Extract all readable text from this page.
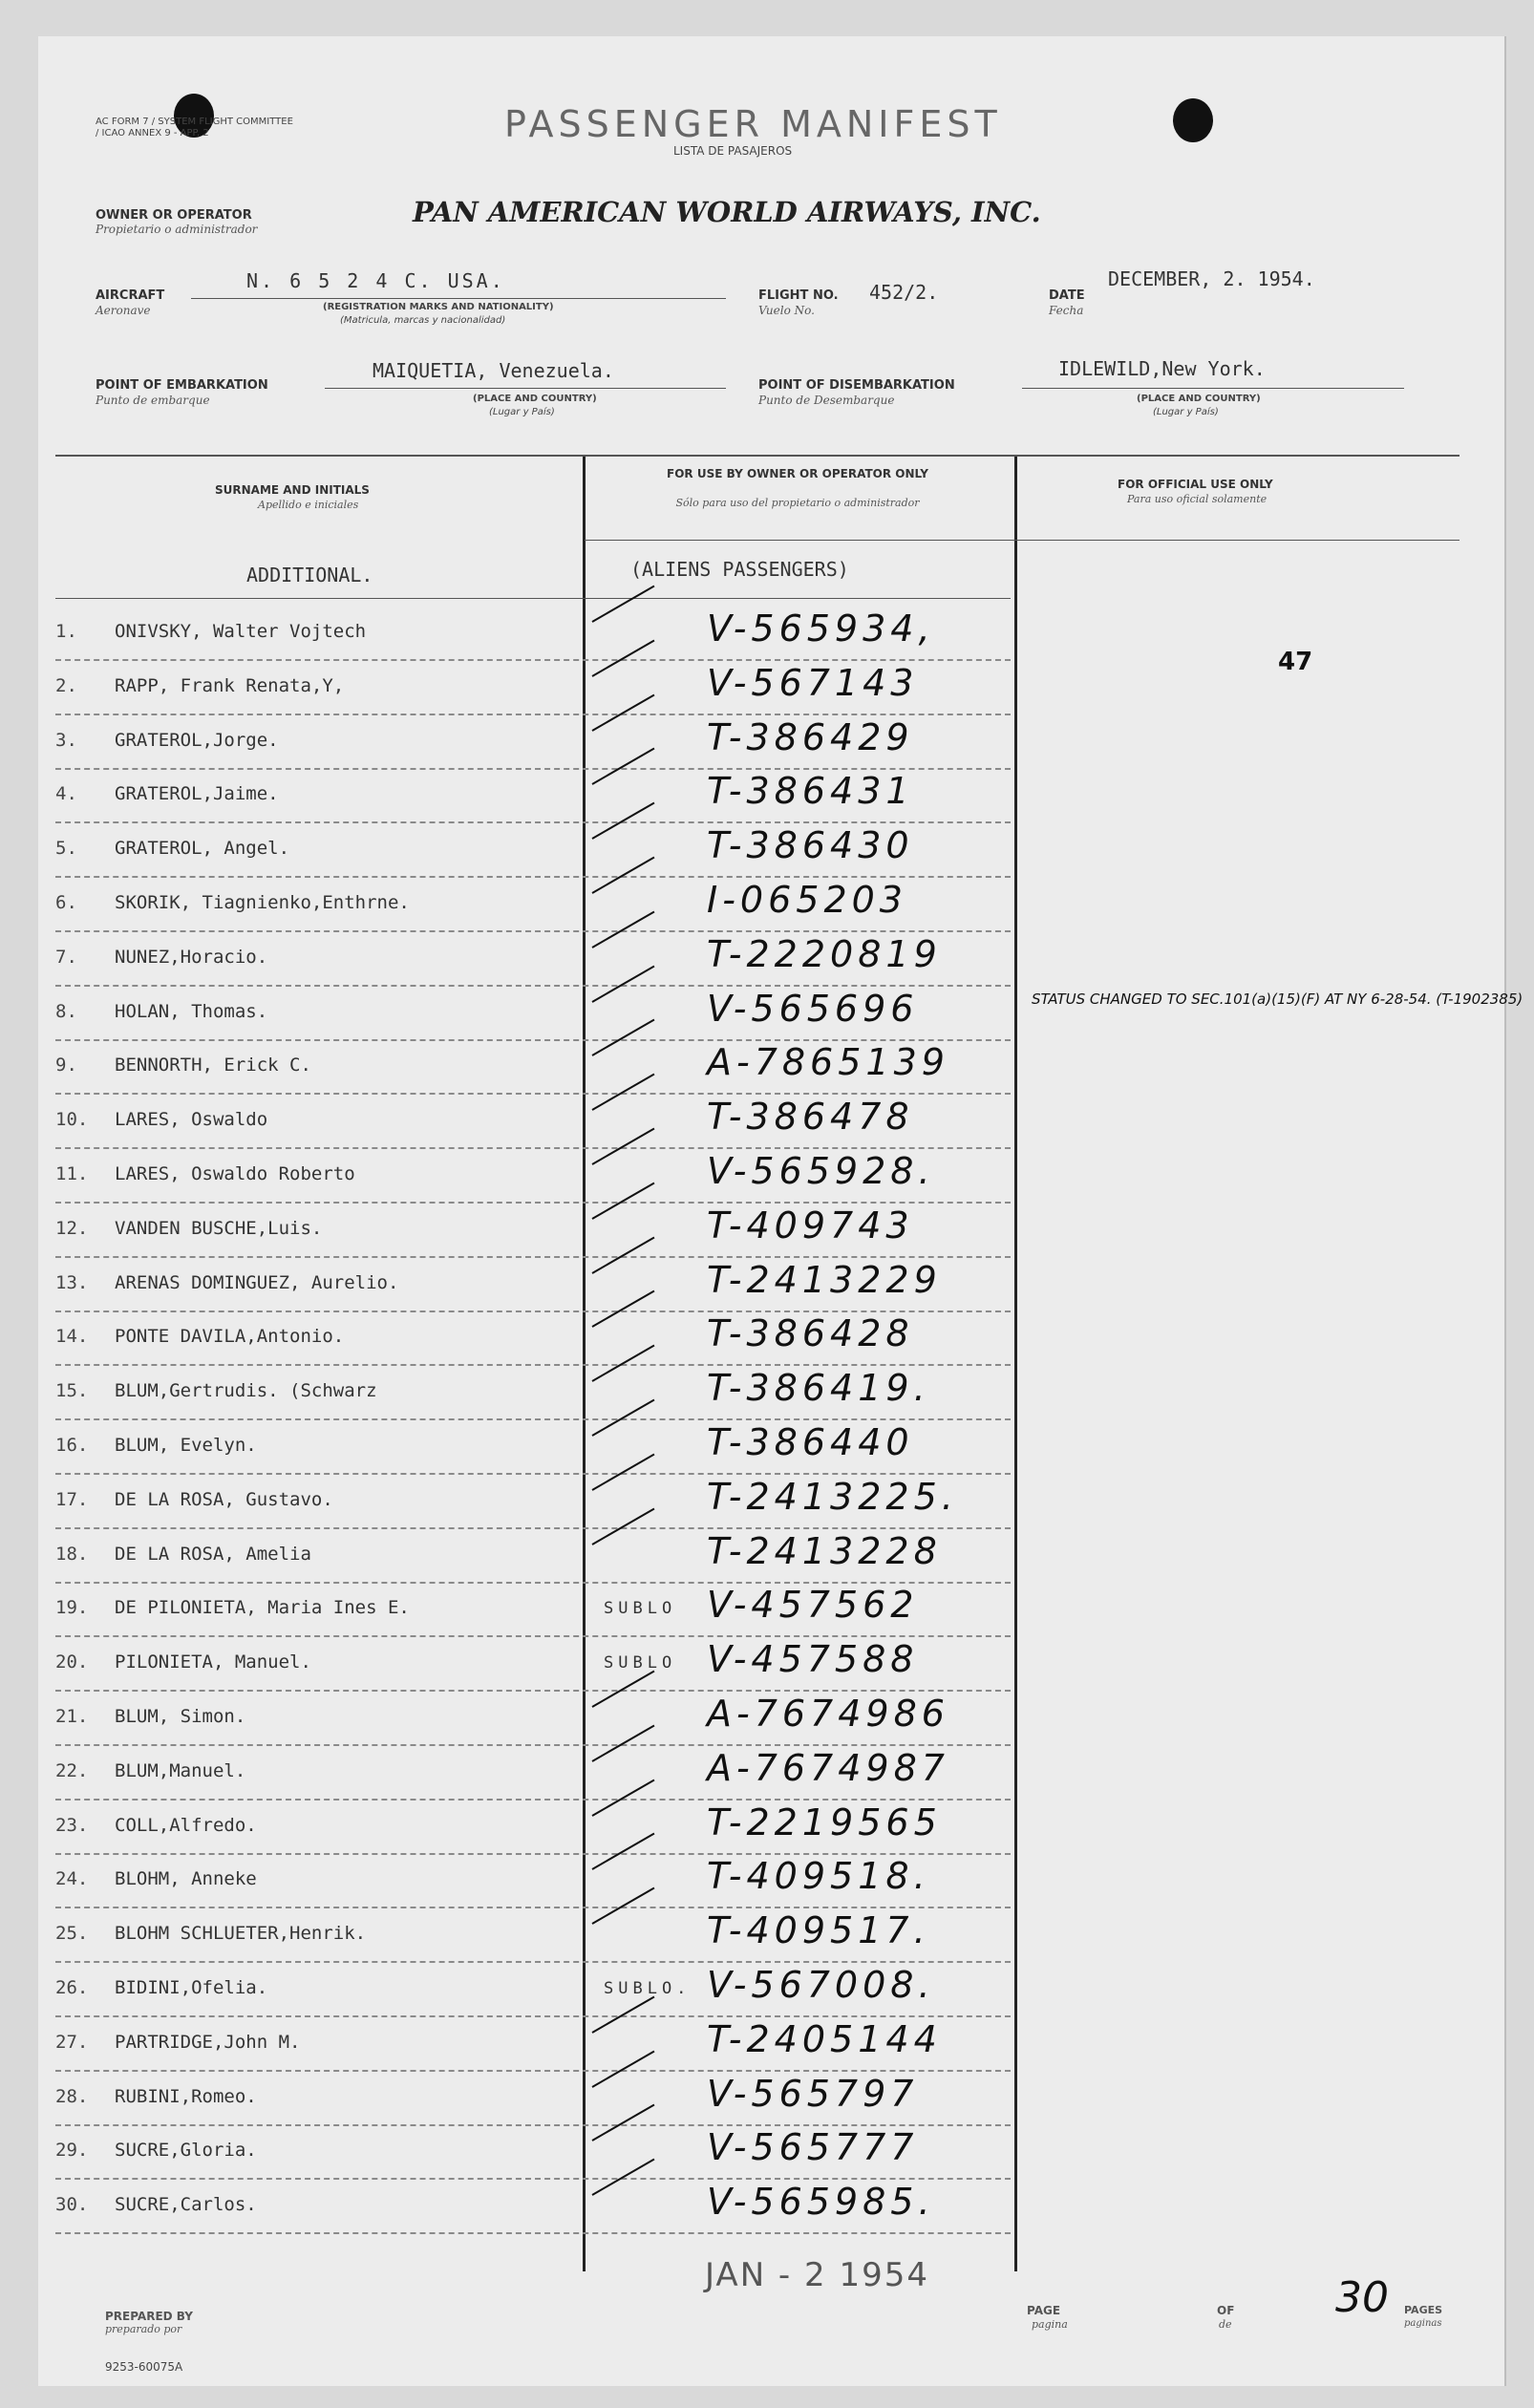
AC FORM 7 / SYSTEM FLIGHT COMMITTEE / ICAO ANNEX 9 - APP. 2	PASSENGER MANIFEST
LISTA DE PASAJEROS
PAN AMERICAN WORLD AIRWAYS, INC.
OWNER OR OPERATOR
Propietario o administrador
AIRCRAFT
Aeronave
N. 6 5 2 4 C. USA.
(REGISTRATION MARKS AND NATIONALITY)
(Matricula, marcas y nacionalidad)
FLIGHT NO.
Vuelo No.
452/2.	DATE
Fecha
DECEMBER, 2. 1954.
POINT OF EMBARKATION
Punto de embarque
MAIQUETIA, Venezuela.
(PLACE AND COUNTRY)
(Lugar y País)
POINT OF DISEMBARKATION
Punto de Desembarque
IDLEWILD,New York.
(PLACE AND COUNTRY)
(Lugar y País)
SURNAME AND INITIALS
Apellido e iniciales
FOR USE BY OWNER OR OPERATOR ONLY
Sólo para uso del propietario o administrador
FOR OFFICIAL USE ONLY
Para uso oficial solamente
ADDITIONAL.	(ALIENS PASSENGERS)
47
1. ONIVSKY, Walter Vojtech	V-565934,
2. RAPP, Frank Renata,Y,	V-567143
3. GRATEROL,Jorge.	T-386429
4. GRATEROL,Jaime.	T-386431
5. GRATEROL, Angel.	T-386430
6. SKORIK, Tiagnienko,Enthrne.	I-065203
7. NUNEZ,Horacio.	T-2220819
8. HOLAN, Thomas.	V-565696	STATUS CHANGED TO SEC.101(a)(15)(F) AT NY 6-28-54. (T-1902385)
9. BENNORTH, Erick C.	A-7865139
10. LARES, Oswaldo	T-386478
11. LARES, Oswaldo Roberto	V-565928.
12. VANDEN BUSCHE,Luis.	T-409743
13. ARENAS DOMINGUEZ, Aurelio.	T-2413229
14. PONTE DAVILA,Antonio.	T-386428
15. BLUM,Gertrudis. (Schwarz	T-386419.
16. BLUM, Evelyn.	T-386440
17. DE LA ROSA, Gustavo.	T-2413225.
18. DE LA ROSA, Amelia	T-2413228
19. DE PILONIETA, Maria Ines E.	SUBLO V-457562
20. PILONIETA, Manuel.	SUBLO V-457588
21. BLUM, Simon.	A-7674986
22. BLUM,Manuel.	A-7674987
23. COLL,Alfredo.	T-2219565
24. BLOHM, Anneke	T-409518.
25. BLOHM SCHLUETER,Henrik.	T-409517.
26. BIDINI,Ofelia.	SUBLO. V-567008.
27. PARTRIDGE,John M.	T-2405144
28. RUBINI,Romeo.	V-565797
29. SUCRE,Gloria.	V-565777
30. SUCRE,Carlos.	V-565985.
JAN - 2 1954
PREPARED BY
preparado por
PAGE
pagina
OF
de
30 PAGES
paginas
9253-60075A
